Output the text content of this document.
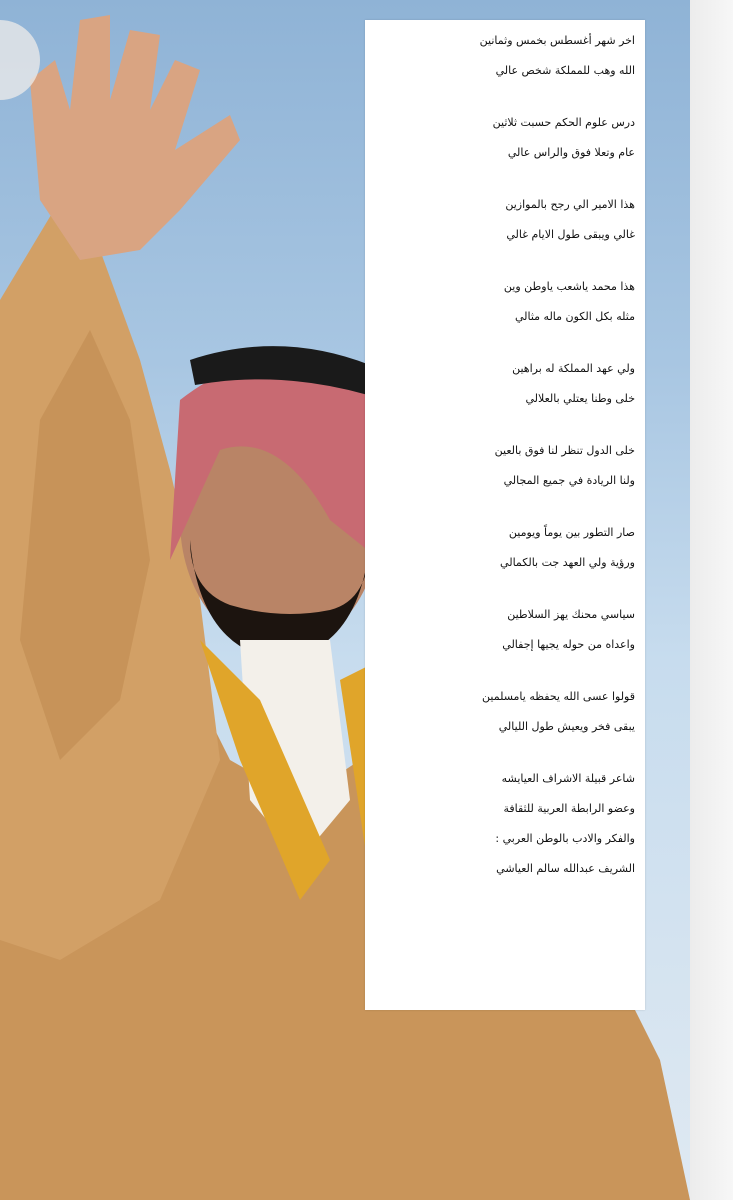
اخر شهر أغسطس بخمس وثمانين
الله وهب للمملكة شخص عالي
درس علوم الحكم حسبت ثلاثين
عام وتعلا فوق والراس عالي
هذا الامير الي رجح بالموازين
غالي ويبقى طول الايام غالي
هذا محمد ياشعب ياوطن وين
مثله بكل الكون ماله مثالي
ولي عهد المملكة له براهين
خلى وطنا يعتلي بالعلالي
خلى الدول تنظر لنا فوق بالعين
ولنا الريادة في جميع المجالي
صار التطور بين يوماً ويومين
ورؤية ولي العهد جت بالكمالي
سياسي محنك يهز السلاطين
واعداه من حوله يجيها إجفالي
قولوا عسى الله يحفظه يامسلمين
يبقى فخر ويعيش طول الليالي
شاعر قبيلة الاشراف العيايشه
وعضو الرابطة العربية للثقافة
والفكر والادب بالوطن العربي :
الشريف عبدالله سالم العياشي
